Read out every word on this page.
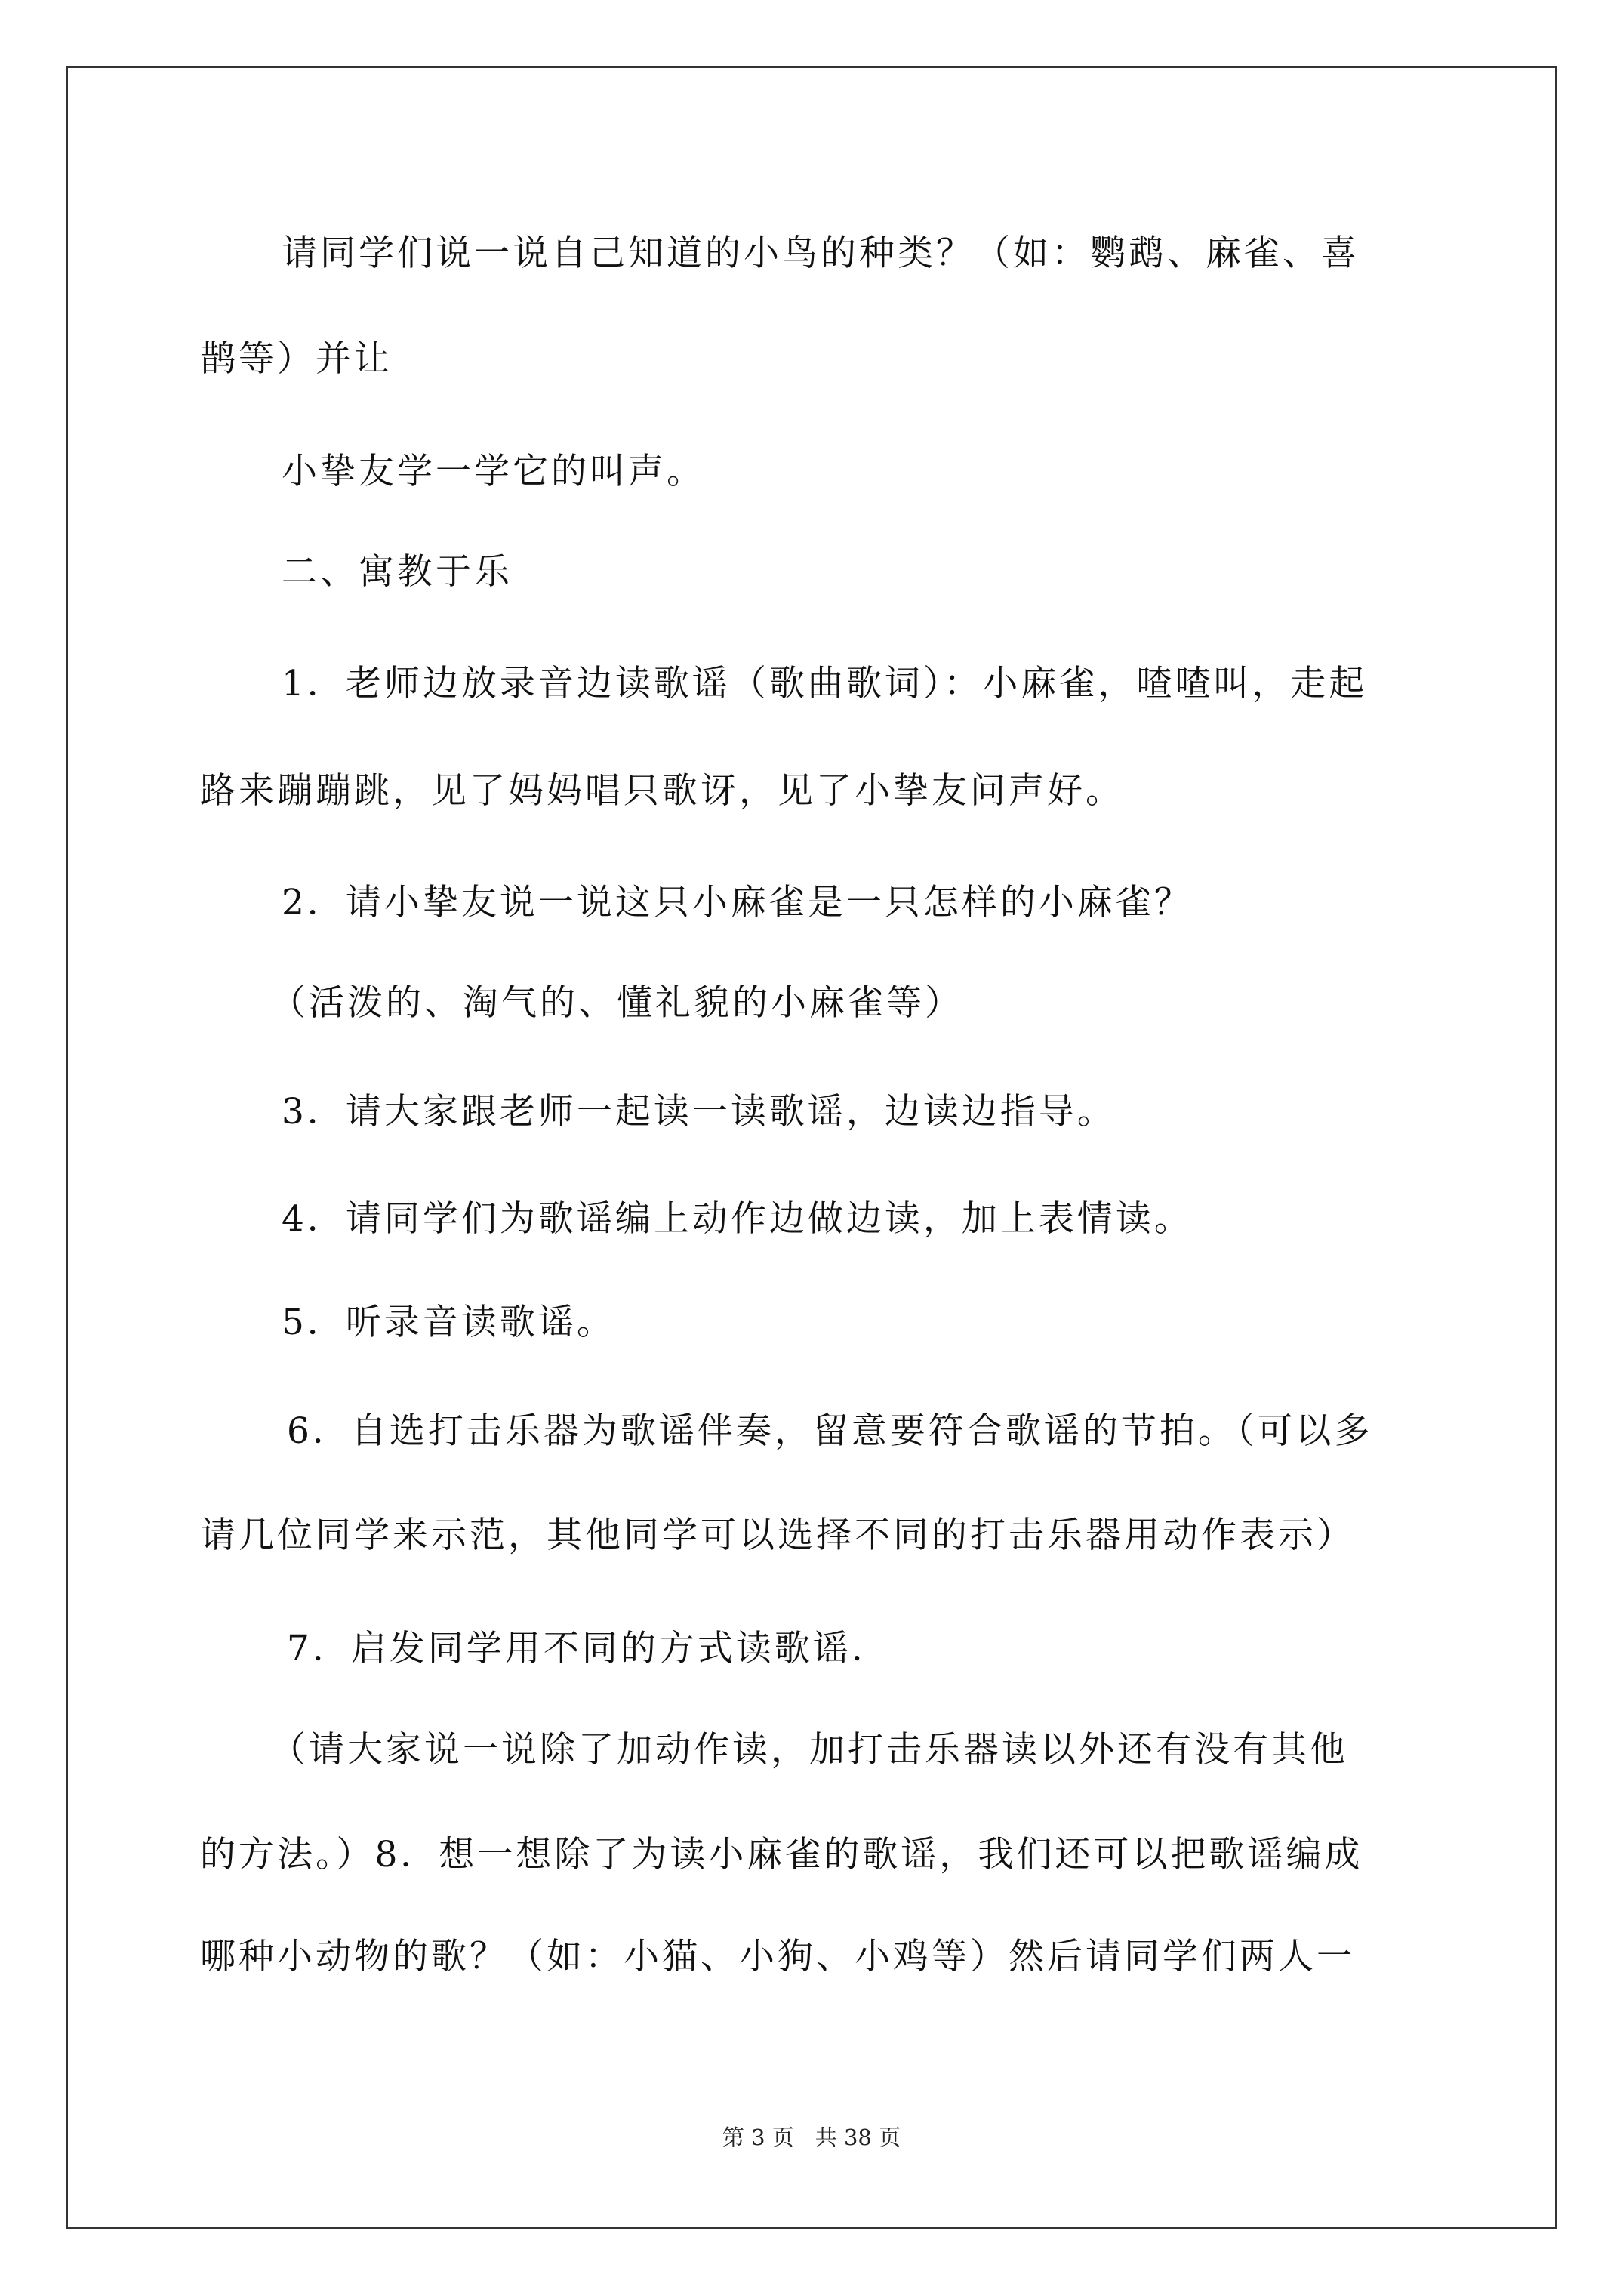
请同学们说一说自己知道的小鸟的种类？（如：鹦鹉、麻雀、喜
鹊等）并让
小挚友学一学它的叫声。
二、寓教于乐
1．老师边放录音边读歌谣（歌曲歌词）：小麻雀，喳喳叫，走起
路来蹦蹦跳，见了妈妈唱只歌讶，见了小挚友问声好。
2．请小挚友说一说这只小麻雀是一只怎样的小麻雀？
（活泼的、淘气的、懂礼貌的小麻雀等）
3．请大家跟老师一起读一读歌谣，边读边指导。
4．请同学们为歌谣编上动作边做边读，加上表情读。
5．听录音读歌谣。
6．自选打击乐器为歌谣伴奏，留意要符合歌谣的节拍。（可以多
请几位同学来示范，其他同学可以选择不同的打击乐器用动作表示）
7．启发同学用不同的方式读歌谣．
（请大家说一说除了加动作读，加打击乐器读以外还有没有其他
的方法。）8．想一想除了为读小麻雀的歌谣，我们还可以把歌谣编成
哪种小动物的歌？（如：小猫、小狗、小鸡等）然后请同学们两人一
第 3 页 共 38 页
